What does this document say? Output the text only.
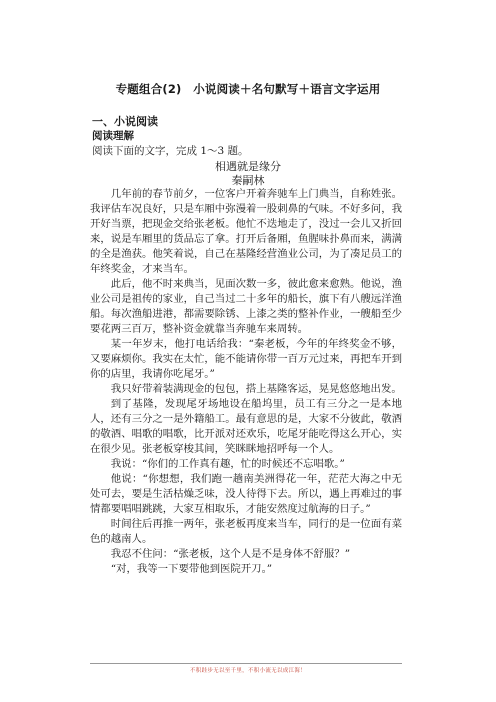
专题组合(2)　小说阅读＋名句默写＋语言文字运用
一、小说阅读
阅读理解
阅读下面的文字，完成 1～3 题。
相遇就是缘分
秦嗣林

几年前的春节前夕，一位客户开着奔驰车上门典当，自称姓张。我评估车况良好，只是车厢中弥漫着一股刺鼻的气味。不好多问，我开好当票，把现金交给张老板。他忙不迭地走了，没过一会儿又折回来，说是车厢里的货品忘了拿。打开后备厢，鱼腥味扑鼻而来，满满的全是渔获。他笑着说，自己在基隆经营渔业公司，为了凑足员工的年终奖金，才来当车。

此后，他不时来典当，见面次数一多，彼此愈来愈熟。他说，渔业公司是祖传的家业，自己当过二十多年的船长，旗下有八艘远洋渔船。每次渔船进港，都需要除锈、上漆之类的整补作业，一艘船至少要花两三百万，整补资金就靠当奔驰车来周转。

某一年岁末，他打电话给我：“秦老板，今年的年终奖金不够，又要麻烦你。我实在太忙，能不能请你带一百万元过来，再把车开到你的店里，我请你吃尾牙。”

我只好带着装满现金的包包，搭上基隆客运，晃晃悠悠地出发。

到了基隆，发现尾牙场地设在船坞里，员工有三分之一是本地人，还有三分之一是外籍船工。最有意思的是，大家不分彼此，敬酒的敬酒、唱歌的唱歌，比开派对还欢乐，吃尾牙能吃得这么开心，实在很少见。张老板穿梭其间，笑眯眯地招呼每一个人。

我说：“你们的工作真有趣，忙的时候还不忘唱歌。”

他说：“你想想，我们跑一趟南美洲得花一年，茫茫大海之中无处可去，要是生活枯燥乏味，没人待得下去。所以，遇上再难过的事情都要唱唱跳跳，大家互相取乐，才能安然度过航海的日子。”

时间往后再推一两年，张老板再度来当车，同行的是一位面有菜色的越南人。

我忍不住问：“张老板，这个人是不是身体不舒服？”

“对，我等一下要带他到医院开刀。”

不积跬步无以至千里，不积小流无以成江海！
